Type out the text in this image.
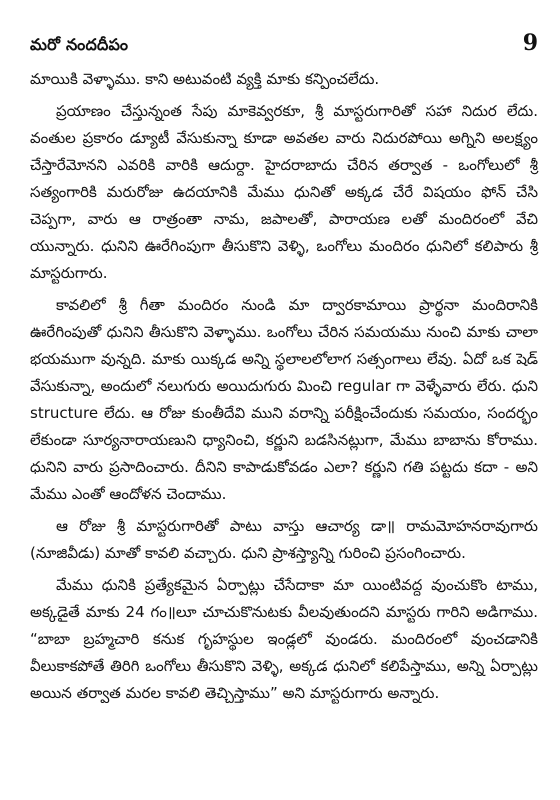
మరో నందదీపం	9

మాయికి వెళ్ళాము. కాని అటువంటి వ్యక్తి మాకు కన్పించలేదు.

ప్రయాణం చేస్తున్నంత సేపు మాకెవ్వరకూ, శ్రీ మాస్టరుగారితో సహా నిదుర లేదు. వంతుల ప్రకారం డ్యూటీ వేసుకున్నా కూడా అవతల వారు నిదురపోయి అగ్నిని అలక్ష్యం చేస్తారేమోనని ఎవరికి వారికి ఆదుర్దా. హైదరాబాదు చేరిన తర్వాత - ఒంగోలులో శ్రీ సత్యంగారికి మరురోజు ఉదయానికి మేము ధునితో అక్కడ చేరే విషయం ఫోన్ చేసి చెప్పగా, వారు ఆ రాత్రంతా నామ, జపాలతో, పారాయణ లతో మందిరంలో వేచి యున్నారు. ధునిని ఊరేగింపుగా తీసుకొని వెళ్ళి, ఒంగోలు మందిరం ధునిలో కలిపారు శ్రీ మాస్టరుగారు.

కావలిలో శ్రీ గీతా మందిరం నుండి మా ద్వారకామాయి ప్రార్థనా మందిరానికి ఊరేగింపుతో ధునిని తీసుకొని వెళ్ళాము. ఒంగోలు చేరిన సమయము నుంచి మాకు చాలా భయముగా వున్నది. మాకు యిక్కడ అన్ని స్థలాలలోలాగ సత్సంగాలు లేవు. ఏదో ఒక షెడ్ వేసుకున్నా, అందులో నలుగురు అయిదుగురు మించి regular గా వెళ్ళేవారు లేరు. ధుని structure లేదు. ఆ రోజు కుంతీదేవి ముని వరాన్ని పరీక్షించేందుకు సమయం, సందర్భం లేకుండా సూర్యనారాయణుని ధ్యానించి, కర్ణుని బడసినట్లుగా, మేము బాబాను కోరాము. ధునిని వారు ప్రసాదించారు. దీనిని కాపాడుకోవడం ఎలా? కర్ణుని గతి పట్టదు కదా - అని మేము ఎంతో ఆందోళన చెందాము.

ఆ రోజు శ్రీ మాస్టరుగారితో పాటు వాస్తు ఆచార్య డా॥ రామమోహనరావుగారు (నూజివీడు) మాతో కావలి వచ్చారు. ధుని ప్రాశస్త్యాన్ని గురించి ప్రసంగించారు.

మేము ధునికి ప్రత్యేకమైన ఏర్పాట్లు చేసేదాకా మా యింటివద్ద వుంచుకొం టాము, అక్కడైతే మాకు 24 గం॥లూ చూచుకొనుటకు వీలవుతుందని మాస్టరు గారిని అడిగాము. “బాబా బ్రహ్మచారి కనుక గృహస్థుల ఇండ్లలో వుండరు. మందిరంలో వుంచడానికి వీలుకాకపోతే తిరిగి ఒంగోలు తీసుకొని వెళ్ళి, అక్కడ ధునిలో కలిపేస్తాము, అన్ని ఏర్పాట్లు అయిన తర్వాత మరల కావలి తెచ్చిస్తాము” అని మాస్టరుగారు అన్నారు.
